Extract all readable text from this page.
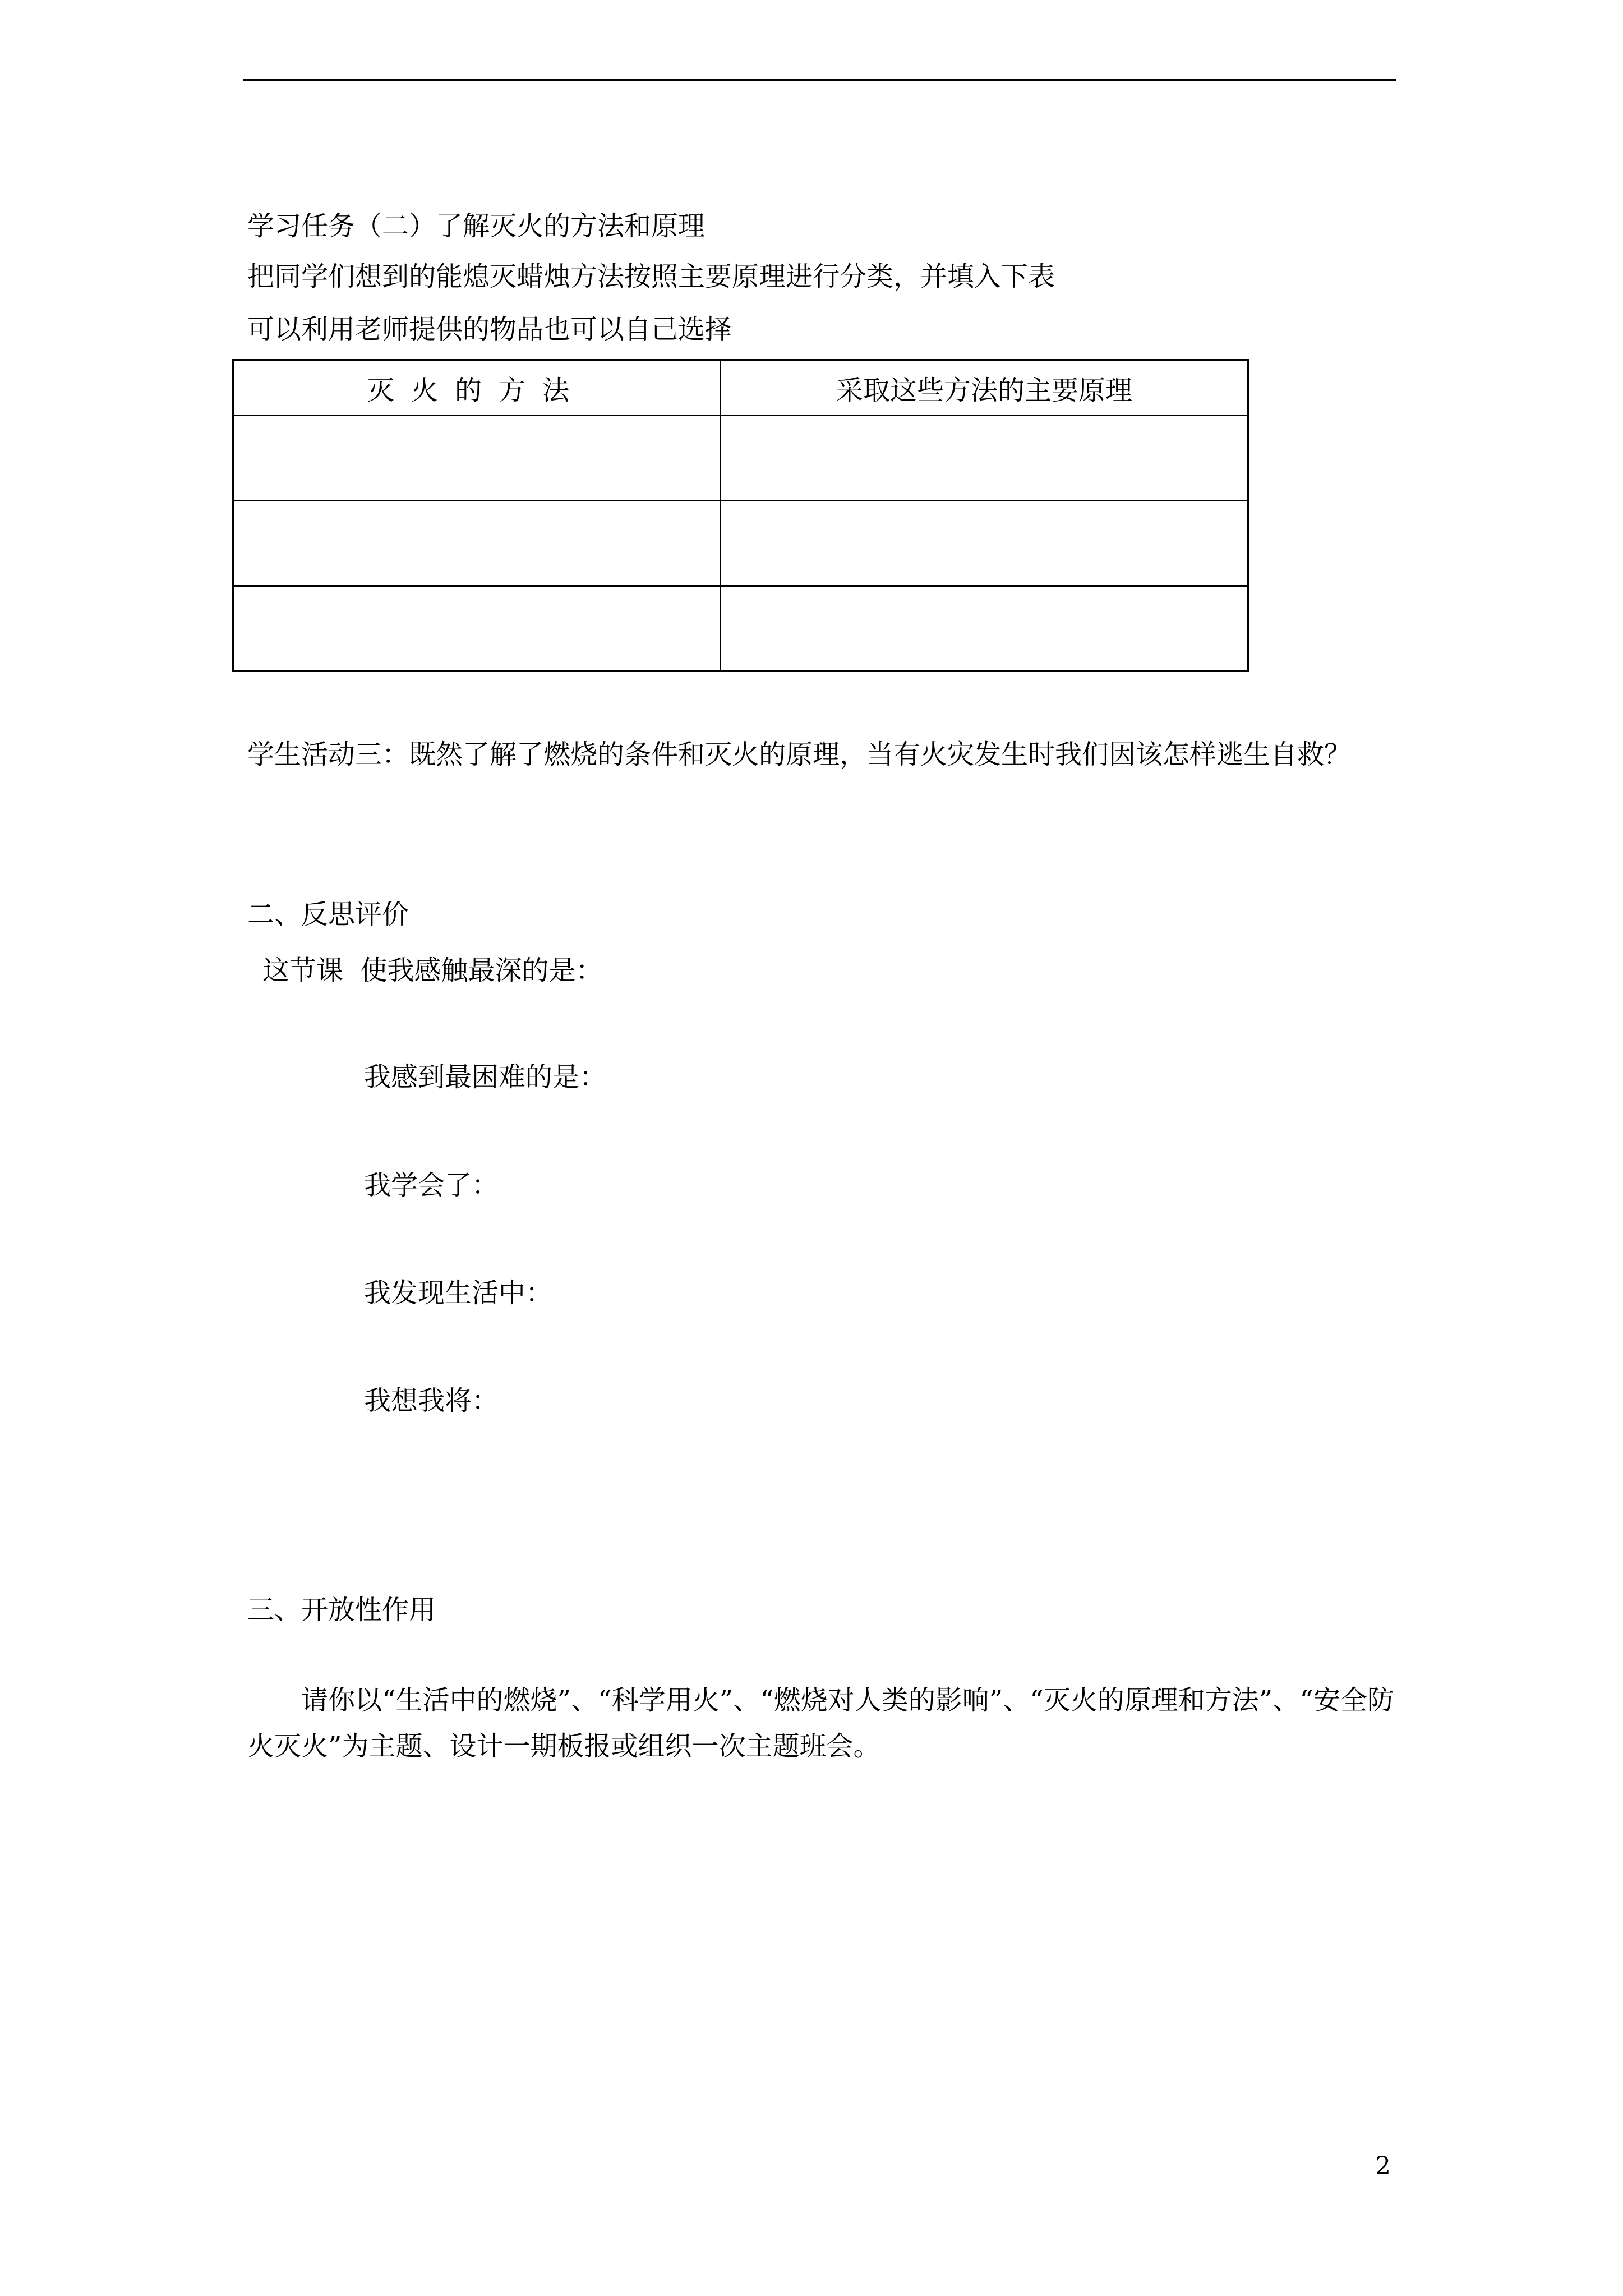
学习任务（二）了解灭火的方法和原理
把同学们想到的能熄灭蜡烛方法按照主要原理进行分类，并填入下表
可以利用老师提供的物品也可以自己选择
灭火的方法	采取这些方法的主要原理

学生活动三：既然了解了燃烧的条件和灭火的原理，当有火灾发生时我们因该怎样逃生自救？
二、反思评价
这节课  使我感触最深的是：
我感到最困难的是：
我学会了：
我发现生活中：
我想我将：
三、开放性作用
请你以“生活中的燃烧”、“科学用火”、“燃烧对人类的影响”、“灭火的原理和方法”、“安全防火灭火”为主题、设计一期板报或组织一次主题班会。
2
